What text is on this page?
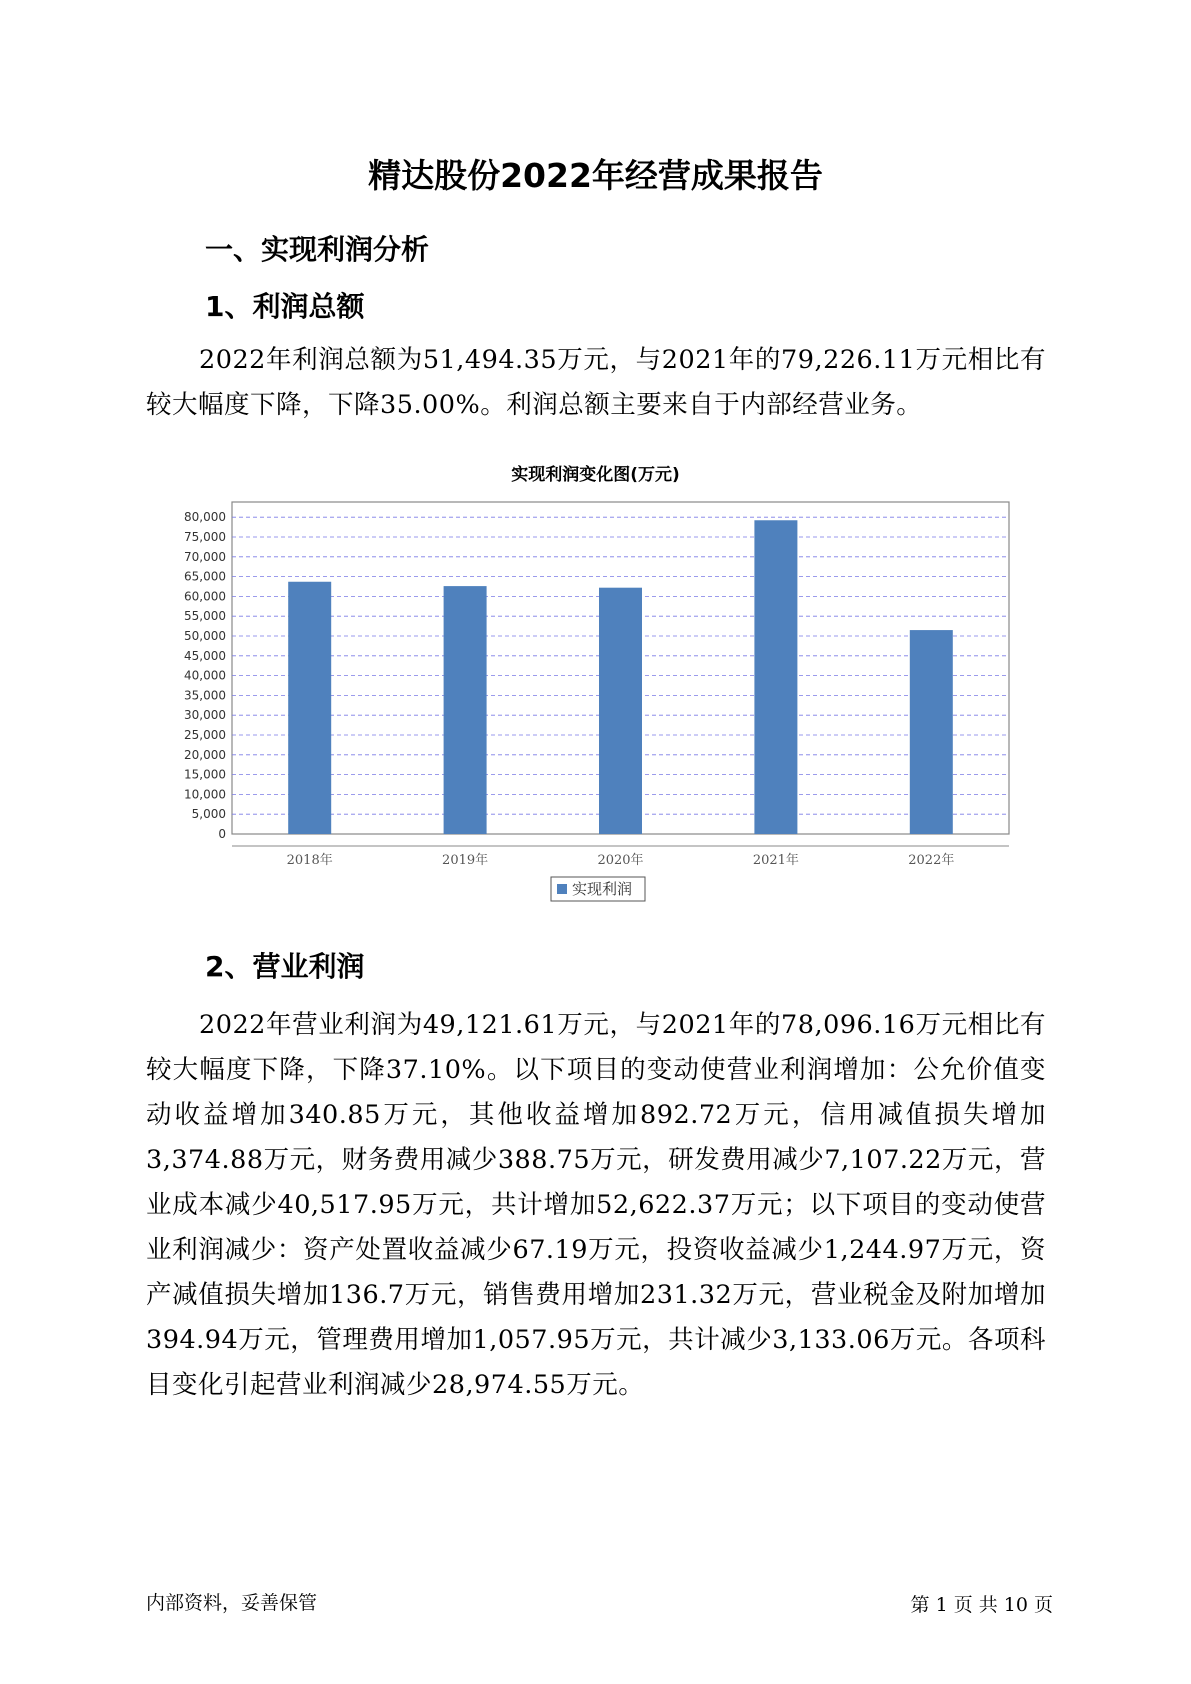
精达股份2022年经营成果报告
一、实现利润分析
1、利润总额

2022年利润总额为51,494.35万元，与2021年的79,226.11万元相比有较大幅度下降，下降35.00%。利润总额主要来自于内部经营业务。

实现利润变化图(万元)
0
5,000
10,000
15,000
20,000
25,000
30,000
35,000
40,000
45,000
50,000
55,000
60,000
65,000
70,000
75,000
80,000
2018年	2019年	2020年	2021年	2022年
实现利润
2、营业利润

2022年营业利润为49,121.61万元，与2021年的78,096.16万元相比有较大幅度下降，下降37.10%。以下项目的变动使营业利润增加：公允价值变动收益增加340.85万元，其他收益增加892.72万元，信用减值损失增加3,374.88万元，财务费用减少388.75万元，研发费用减少7,107.22万元，营业成本减少40,517.95万元，共计增加52,622.37万元；以下项目的变动使营业利润减少：资产处置收益减少67.19万元，投资收益减少1,244.97万元，资产减值损失增加136.7万元，销售费用增加231.32万元，营业税金及附加增加394.94万元，管理费用增加1,057.95万元，共计减少3,133.06万元。各项科目变化引起营业利润减少28,974.55万元。

内部资料，妥善保管	第 1 页 共 10 页
